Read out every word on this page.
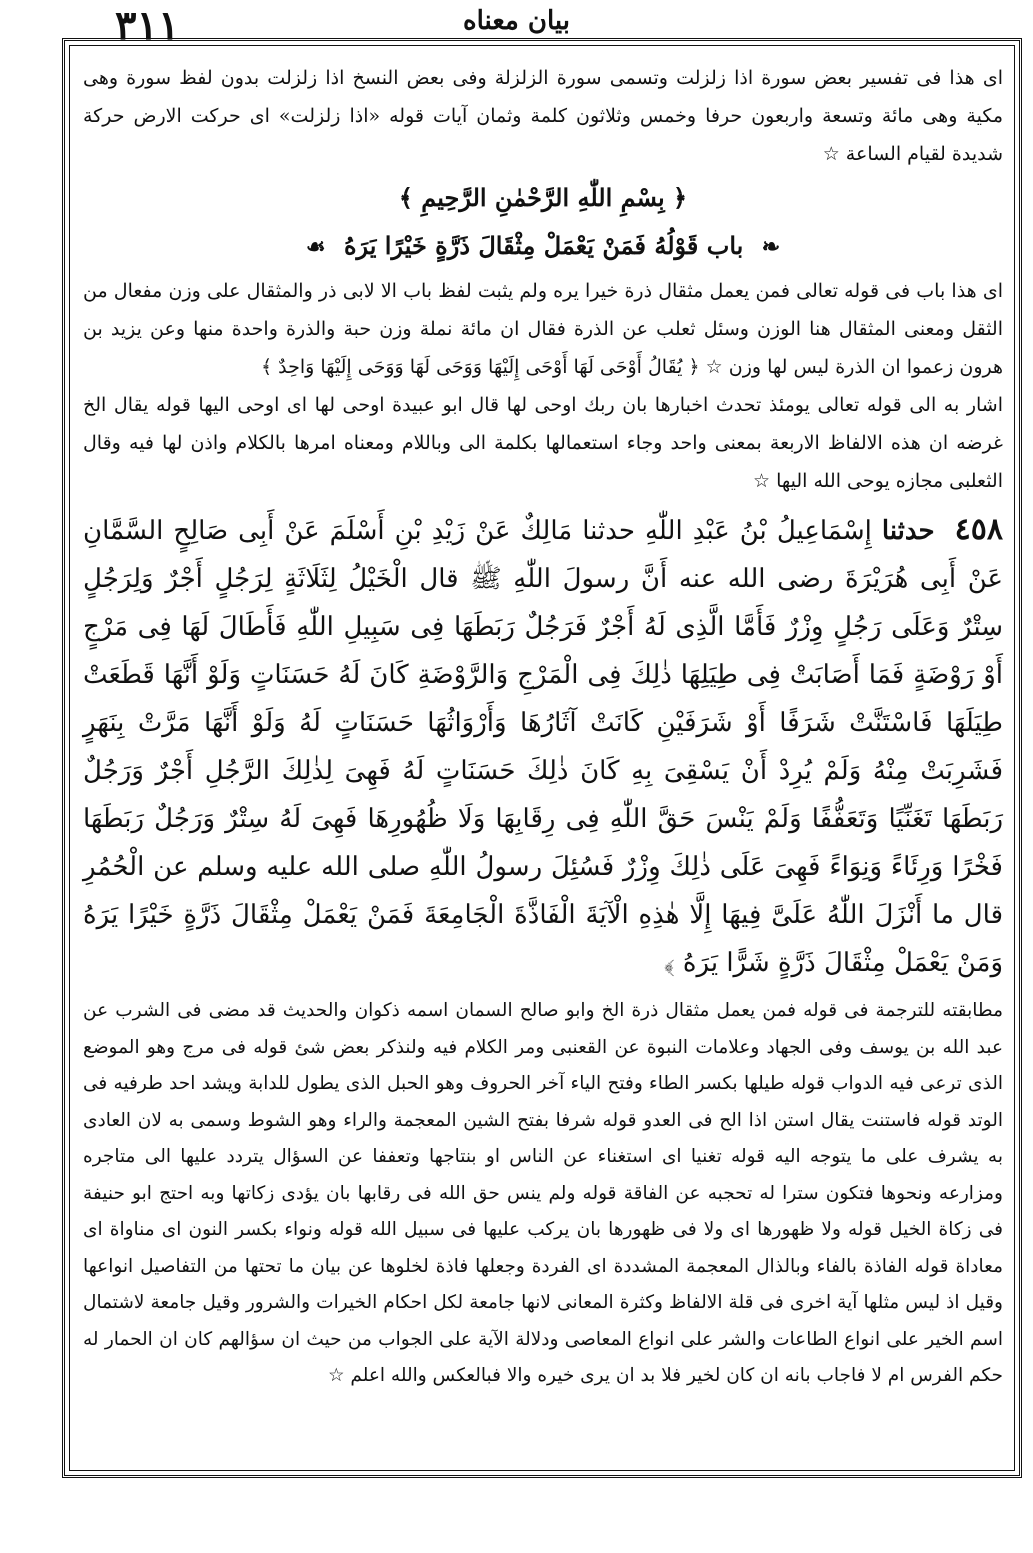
٣١١	بيان معناه

اى هذا فى تفسير بعض سورة اذا زلزلت وتسمى سورة الزلزلة وفى بعض النسخ اذا زلزلت بدون لفظ سورة وهى مكية وهى مائة وتسعة واربعون حرفا وخمس وثلاثون كلمة وثمان آيات قوله «اذا زلزلت» اى حركت الارض حركة شديدة لقيام الساعة ☆

﴿ بِسْمِ اللّٰهِ الرَّحْمٰنِ الرَّحِيمِ ﴾
❧ باب قَوْلُهُ فَمَنْ يَعْمَلْ مِثْقَالَ ذَرَّةٍ خَيْرًا يَرَهُ ☙

اى هذا باب فى قوله تعالى فمن يعمل مثقال ذرة خيرا يره ولم يثبت لفظ باب الا لابى ذر والمثقال على وزن مفعال من الثقل ومعنى المثقال هنا الوزن وسئل ثعلب عن الذرة فقال ان مائة نملة وزن حبة والذرة واحدة منها وعن يزيد بن هرون زعموا ان الذرة ليس لها وزن ☆ ﴿ يُقَالُ أَوْحَى لَهَا أَوْحَى إِلَيْهَا وَوَحَى لَهَا وَوَحَى إِلَيْهَا وَاحِدٌ ﴾

اشار به الى قوله تعالى يومئذ تحدث اخبارها بان ربك اوحى لها قال ابو عبيدة اوحى لها اى اوحى اليها قوله يقال الخ غرضه ان هذه الالفاظ الاربعة بمعنى واحد وجاء استعمالها بكلمة الى وباللام ومعناه امرها بالكلام واذن لها فيه وقال الثعلبى مجازه يوحى الله اليها ☆

٤٥٨ حدثنا إِسْمَاعِيلُ بْنُ عَبْدِ اللّٰهِ حدثنا مَالِكٌ عَنْ زَيْدِ بْنِ أَسْلَمَ عَنْ أَبِى صَالِحٍ السَّمَّانِ عَنْ أَبِى هُرَيْرَةَ رضى الله عنه أَنَّ رسولَ اللّٰهِ ﷺ قال الْخَيْلُ لِثَلَاثَةٍ لِرَجُلٍ أَجْرٌ وَلِرَجُلٍ سِتْرٌ وَعَلَى رَجُلٍ وِزْرٌ فَأَمَّا الَّذِى لَهُ أَجْرٌ فَرَجُلٌ رَبَطَهَا فِى سَبِيلِ اللّٰهِ فَأَطَالَ لَهَا فِى مَرْجٍ أَوْ رَوْضَةٍ فَمَا أَصَابَتْ فِى طِيَلِهَا ذٰلِكَ فِى الْمَرْجِ وَالرَّوْضَةِ كَانَ لَهُ حَسَنَاتٍ وَلَوْ أَنَّهَا قَطَعَتْ طِيَلَهَا فَاسْتَنَّتْ شَرَفًا أَوْ شَرَفَيْنِ كَانَتْ آثَارُهَا وَأَرْوَاثُهَا حَسَنَاتٍ لَهُ وَلَوْ أَنَّهَا مَرَّتْ بِنَهَرٍ فَشَرِبَتْ مِنْهُ وَلَمْ يُرِدْ أَنْ يَسْقِىَ بِهِ كَانَ ذٰلِكَ حَسَنَاتٍ لَهُ فَهِىَ لِذٰلِكَ الرَّجُلِ أَجْرٌ وَرَجُلٌ رَبَطَهَا تَغَنِّيًا وَتَعَفُّفًا وَلَمْ يَنْسَ حَقَّ اللّٰهِ فِى رِقَابِهَا وَلَا ظُهُورِهَا فَهِىَ لَهُ سِتْرٌ وَرَجُلٌ رَبَطَهَا فَخْرًا وَرِئَاءً وَنِوَاءً فَهِىَ عَلَى ذٰلِكَ وِزْرٌ فَسُئِلَ رسولُ اللّٰهِ صلى الله عليه وسلم عن الْحُمُرِ قال ما أَنْزَلَ اللّٰهُ عَلَىَّ فِيهَا إِلَّا هٰذِهِ الْآيَةَ الْفَاذَّةَ الْجَامِعَةَ فَمَنْ يَعْمَلْ مِثْقَالَ ذَرَّةٍ خَيْرًا يَرَهُ وَمَنْ يَعْمَلْ مِثْقَالَ ذَرَّةٍ شَرًّا يَرَهُ ﴾

مطابقته للترجمة فى قوله فمن يعمل مثقال ذرة الخ وابو صالح السمان اسمه ذكوان والحديث قد مضى فى الشرب عن عبد الله بن يوسف وفى الجهاد وعلامات النبوة عن القعنبى ومر الكلام فيه ولنذكر بعض شئ قوله فى مرج وهو الموضع الذى ترعى فيه الدواب قوله طيلها بكسر الطاء وفتح الياء آخر الحروف وهو الحبل الذى يطول للدابة ويشد احد طرفيه فى الوتد قوله فاستنت يقال استن اذا الح فى العدو قوله شرفا بفتح الشين المعجمة والراء وهو الشوط وسمى به لان العادى به يشرف على ما يتوجه اليه قوله تغنيا اى استغناء عن الناس او بنتاجها وتعففا عن السؤال يتردد عليها الى متاجره ومزارعه ونحوها فتكون سترا له تحجبه عن الفاقة قوله ولم ينس حق الله فى رقابها بان يؤدى زكاتها وبه احتج ابو حنيفة فى زكاة الخيل قوله ولا ظهورها اى ولا فى ظهورها بان يركب عليها فى سبيل الله قوله ونواء بكسر النون اى مناواة اى معاداة قوله الفاذة بالفاء وبالذال المعجمة المشددة اى الفردة وجعلها فاذة لخلوها عن بيان ما تحتها من التفاصيل انواعها وقيل اذ ليس مثلها آية اخرى فى قلة الالفاظ وكثرة المعانى لانها جامعة لكل احكام الخيرات والشرور وقيل جامعة لاشتمال اسم الخير على انواع الطاعات والشر على انواع المعاصى ودلالة الآية على الجواب من حيث ان سؤالهم كان ان الحمار له حكم الفرس ام لا فاجاب بانه ان كان لخير فلا بد ان يرى خيره والا فبالعكس والله اعلم ☆
